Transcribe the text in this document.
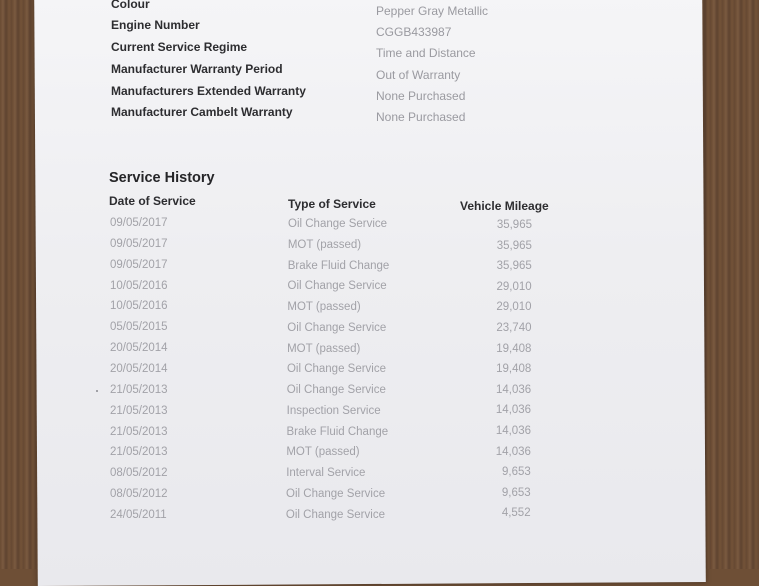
Colour	Pepper Gray Metallic
Engine Number	CGGB433987
Current Service Regime	Time and Distance
Manufacturer Warranty Period	Out of Warranty
Manufacturers Extended Warranty	None Purchased
Manufacturer Cambelt Warranty	None Purchased
Service History
Date of Service	Type of Service	Vehicle Mileage
09/05/2017	Oil Change Service	35,965
09/05/2017	MOT (passed)	35,965
09/05/2017	Brake Fluid Change	35,965
10/05/2016	Oil Change Service	29,010
10/05/2016	MOT (passed)	29,010
05/05/2015	Oil Change Service	23,740
20/05/2014	MOT (passed)	19,408
20/05/2014	Oil Change Service	19,408
21/05/2013	Oil Change Service	14,036
21/05/2013	Inspection Service	14,036
21/05/2013	Brake Fluid Change	14,036
21/05/2013	MOT (passed)	14,036
08/05/2012	Interval Service	9,653
08/05/2012	Oil Change Service	9,653
24/05/2011	Oil Change Service	4,552
